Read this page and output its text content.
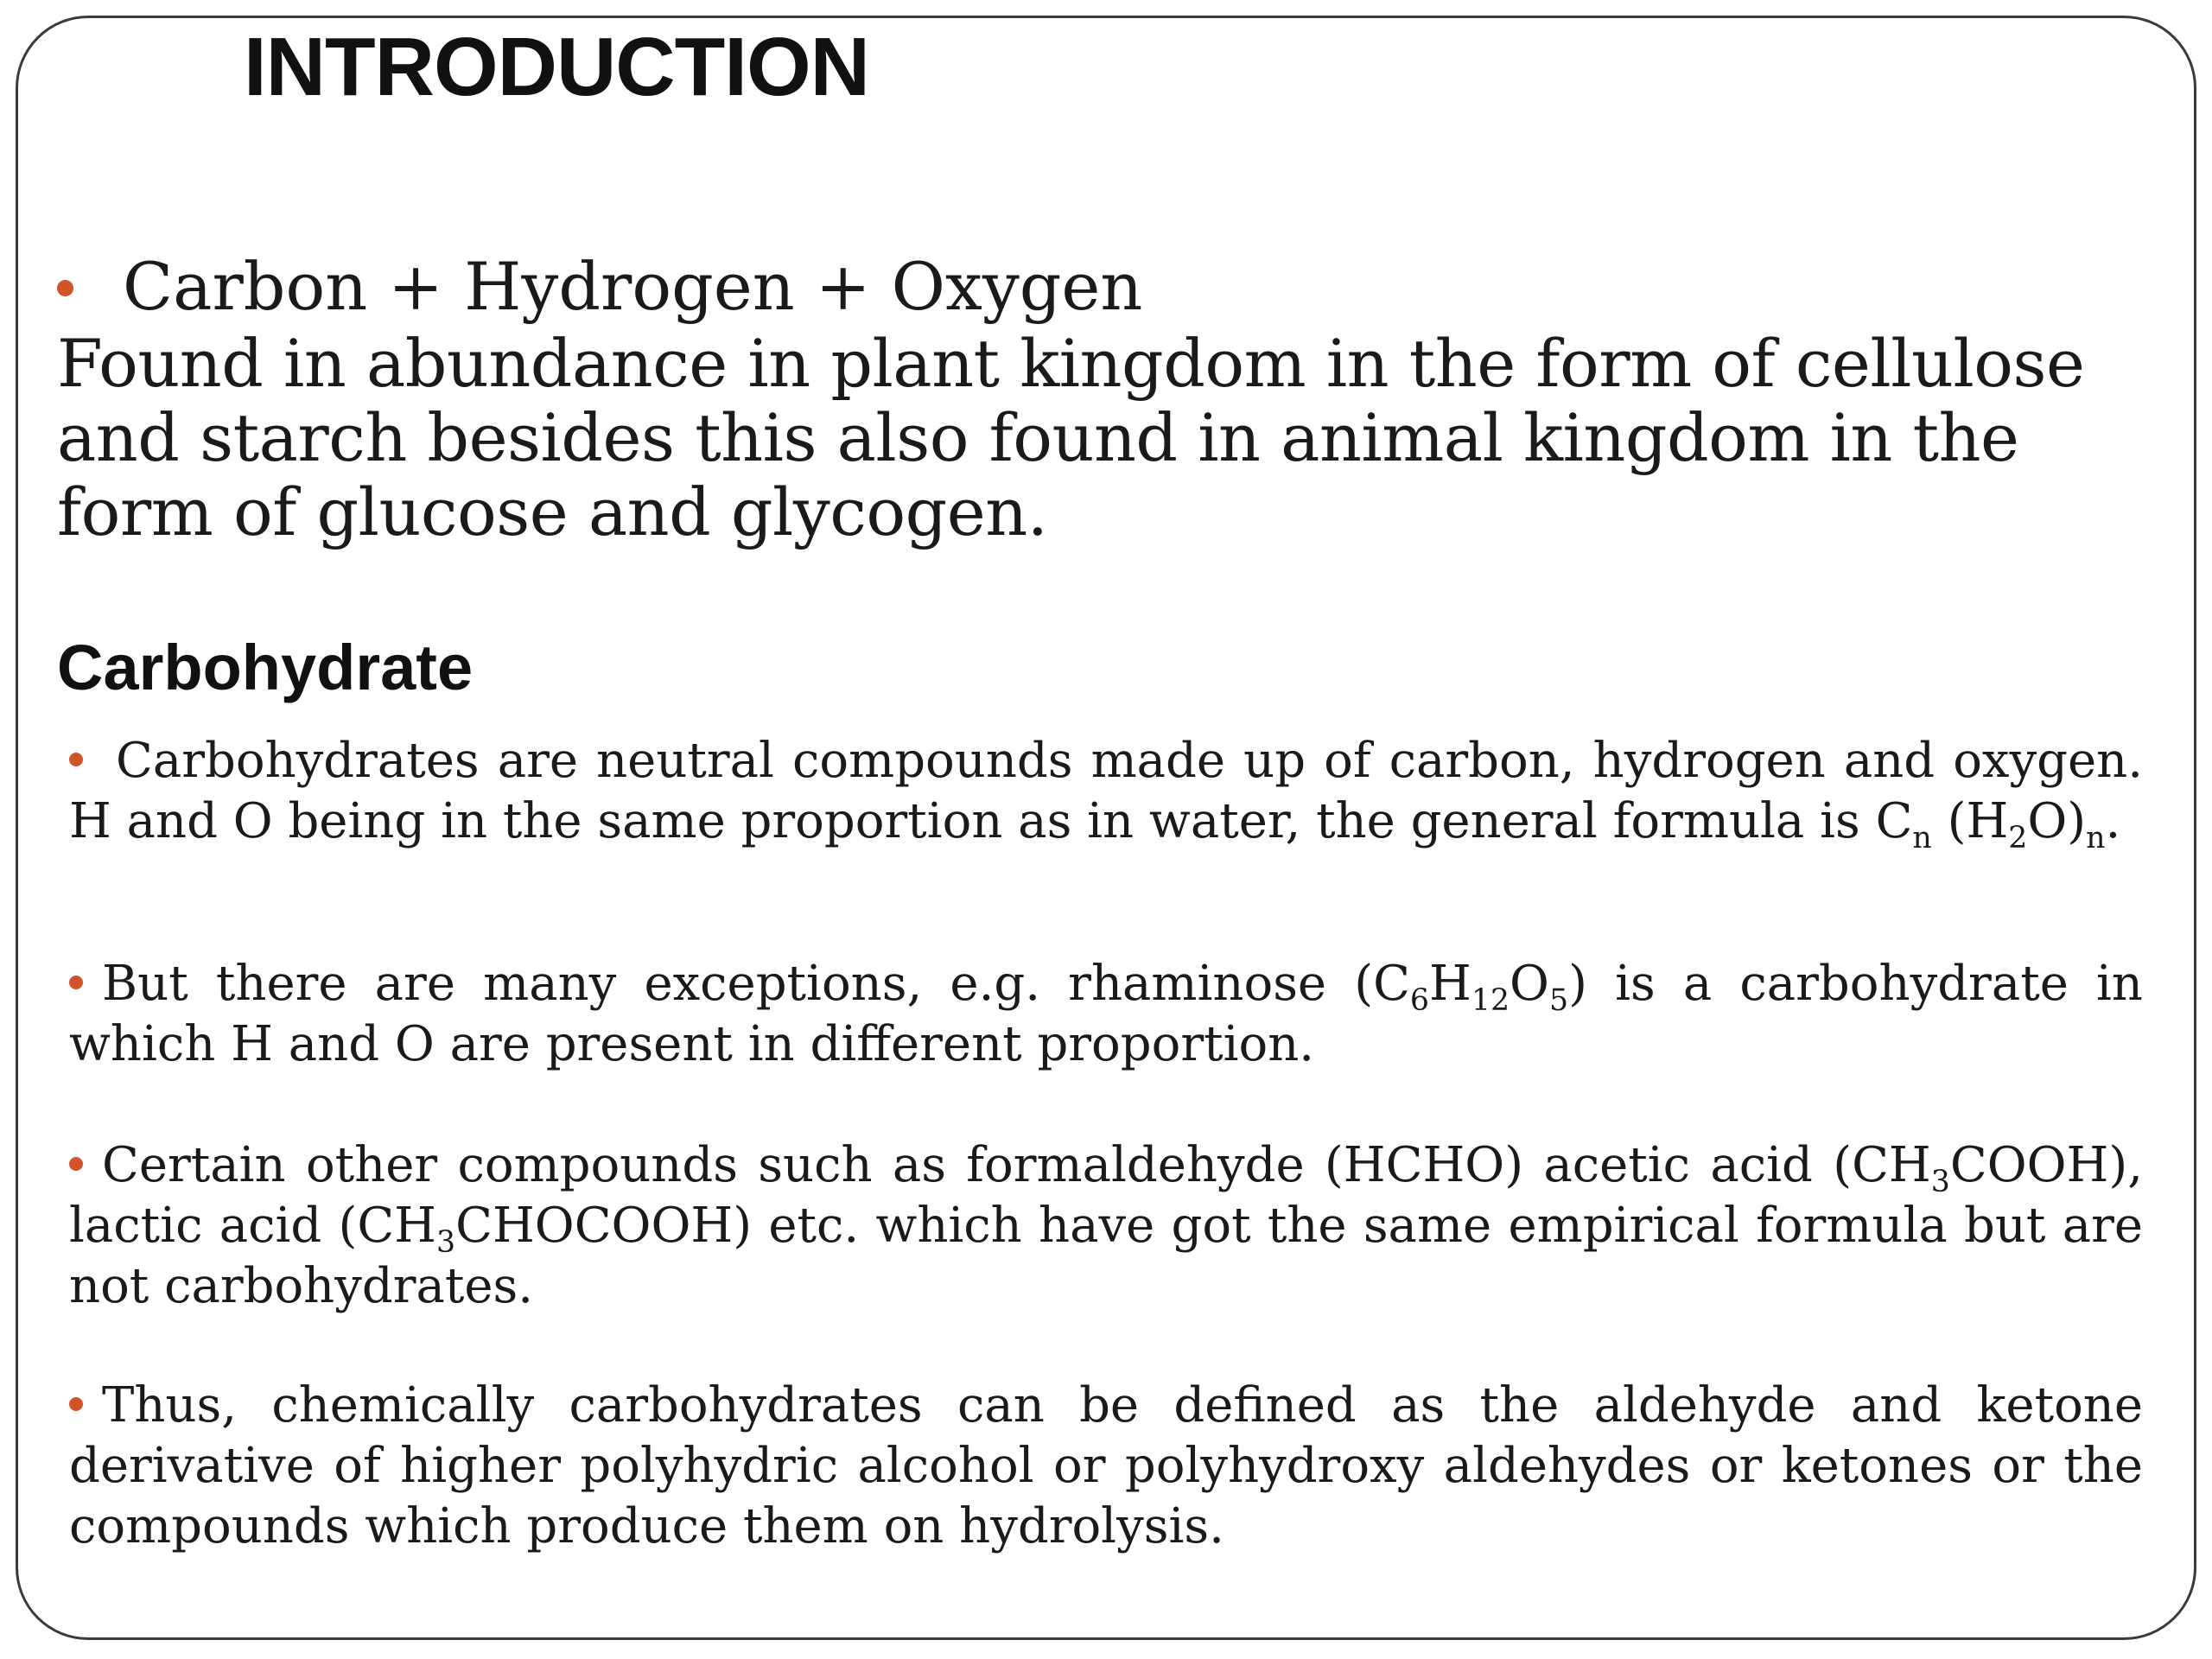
INTRODUCTION
Carbon + Hydrogen + Oxygen

Found in abundance in plant kingdom in the form of cellulose and starch besides this also found in animal kingdom in the form of glucose and glycogen.

Carbohydrate

Carbohydrates are neutral compounds made up of carbon, hydrogen and oxygen. H and O being in the same proportion as in water, the general formula is $C_n$ $(H_2O)_n$.

But there are many exceptions, e.g. rhaminose $(C_6H_{12}O_5)$ is a carbohydrate in which H and O are present in different proportion.

Certain other compounds such as formaldehyde (HCHO) acetic acid $(CH_3COOH)$, lactic acid $(CH_3CHOCOOH)$ etc. which have got the same empirical formula but are not carbohydrates.

Thus, chemically carbohydrates can be defined as the aldehyde and ketone derivative of higher polyhydric alcohol or polyhydroxy aldehydes or ketones or the compounds which produce them on hydrolysis.
